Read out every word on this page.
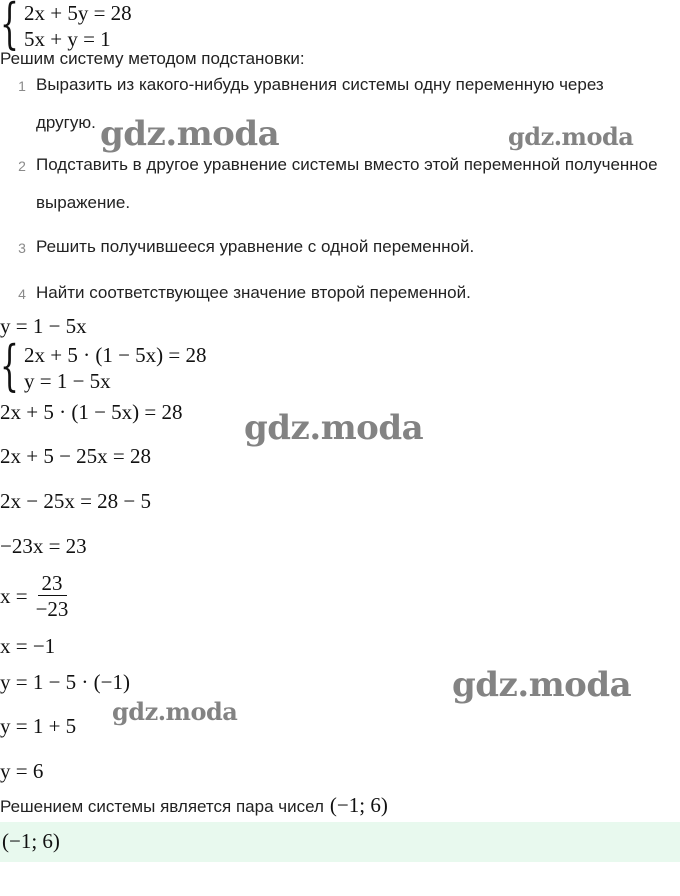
{ 2x + 5y = 28
5x + y = 1
Решим систему методом подстановки:
1 Выразить из какого-нибудь уравнения системы одну переменную через другую.
2 Подставить в другое уравнение системы вместо этой переменной полученное выражение.
3 Решить получившееся уравнение с одной переменной.
4 Найти соответствующее значение второй переменной.
y = 1 − 5x
{ 2x + 5 · (1 − 5x) = 28
y = 1 − 5x
2x + 5 · (1 − 5x) = 28
2x + 5 − 25x = 28
2x − 25x = 28 − 5
−23x = 23
$x = \frac{23}{-23}$
x = −1
y = 1 − 5 · (−1)
y = 1 + 5
y = 6
Решением системы является пара чисел (−1; 6)
(−1; 6)
gdz.moda	gdz.moda
gdz.moda
gdz.moda
gdz.moda
